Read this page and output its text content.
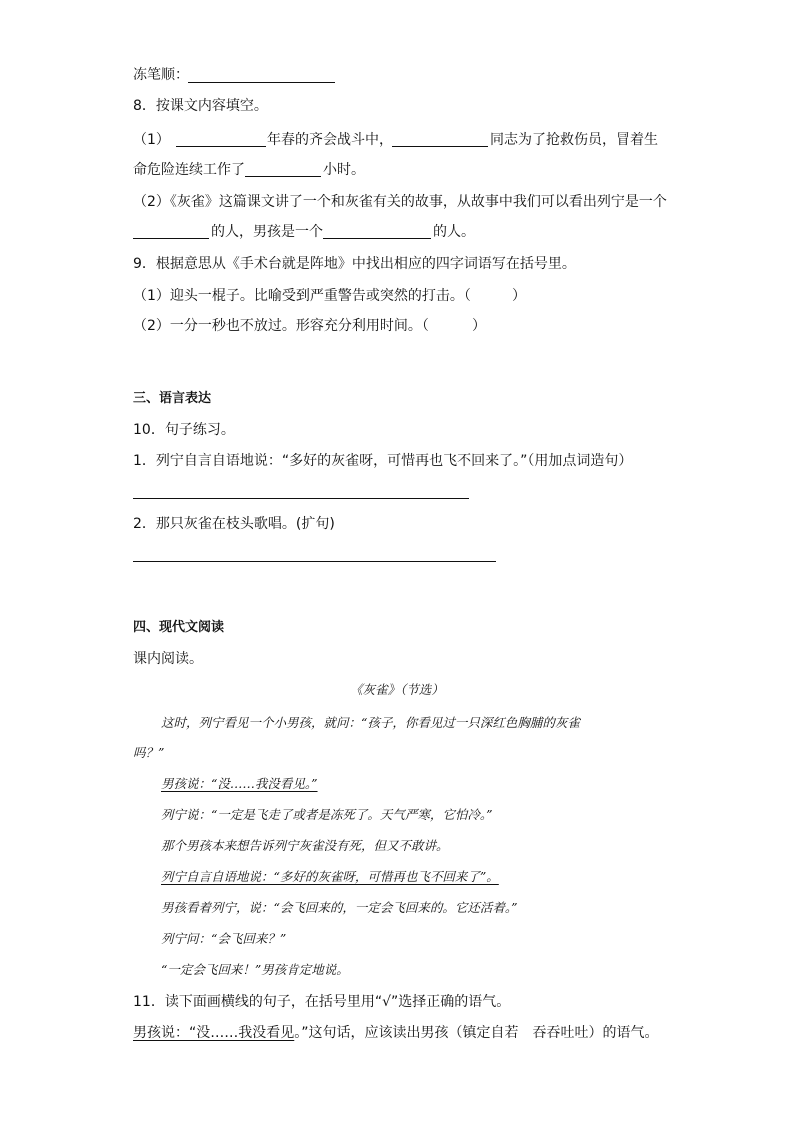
冻笔顺：
8．按课文内容填空。
（1）	年春的齐会战斗中，	同志为了抢救伤员，冒着生
命危险连续工作了	小时。
（2）《灰雀》这篇课文讲了一个和灰雀有关的故事，从故事中我们可以看出列宁是一个
的人，男孩是一个	的人。
9．根据意思从《手术台就是阵地》中找出相应的四字词语写在括号里。
（1）迎头一棍子。比喻受到严重警告或突然的打击。（	）
（2）一分一秒也不放过。形容充分利用时间。（	）
三、语言表达
10．句子练习。
1．列宁自言自语地说：“多好的灰雀呀，可惜再也飞不回来了。”（用加点词造句）
2．那只灰雀在枝头歌唱。(扩句)
四、现代文阅读
课内阅读。
《灰雀》（节选）
这时，列宁看见一个小男孩，就问：“孩子，你看见过一只深红色胸脯的灰雀
吗？”
男孩说：“没……我没看见。”
列宁说：“一定是飞走了或者是冻死了。天气严寒，它怕冷。”
那个男孩本来想告诉列宁灰雀没有死，但又不敢讲。
列宁自言自语地说：“多好的灰雀呀，可惜再也飞不回来了”。
男孩看着列宁，说：“会飞回来的，一定会飞回来的。它还活着。”
列宁问：“会飞回来？”
“一定会飞回来！”男孩肯定地说。
11．读下面画横线的句子，在括号里用“√”选择正确的语气。
男孩说：“没……我没看见。”这句话，应该读出男孩（镇定自若　吞吞吐吐）的语气。
